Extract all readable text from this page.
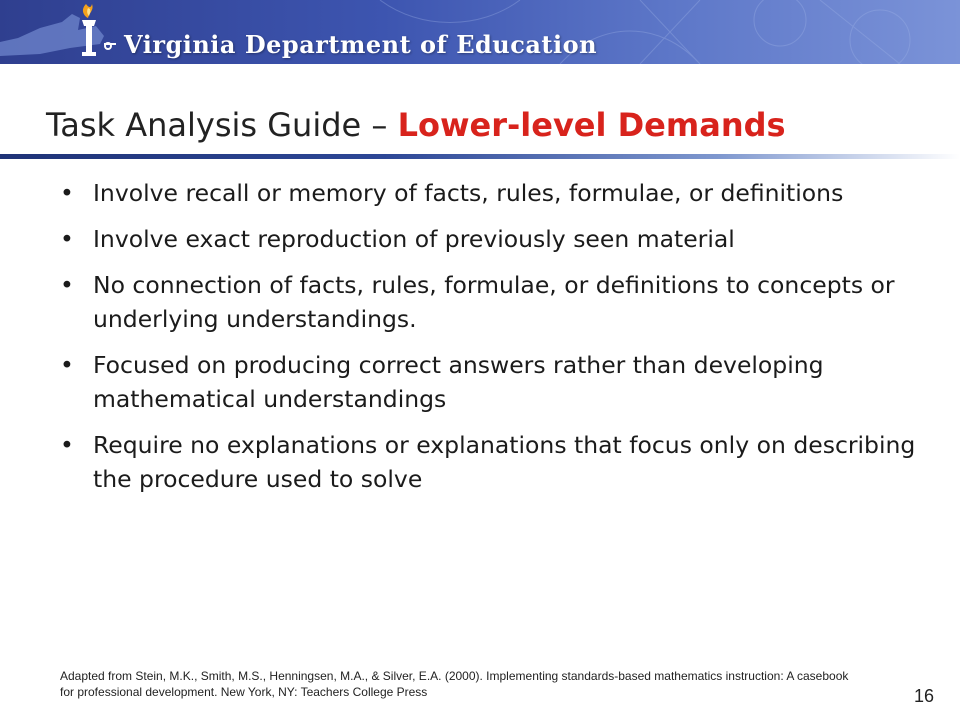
Virginia Department of Education
Task Analysis Guide – Lower-level Demands
• Involve recall or memory of facts, rules, formulae, or definitions
• Involve exact reproduction of previously seen material
• No connection of facts, rules, formulae, or definitions to concepts or underlying understandings.
• Focused on producing correct answers rather than developing mathematical understandings
• Require no explanations or explanations that focus only on describing the procedure used to solve
Adapted from Stein, M.K., Smith, M.S., Henningsen, M.A., & Silver, E.A. (2000). Implementing standards-based mathematics instruction: A casebook for professional development. New York, NY: Teachers College Press	16
